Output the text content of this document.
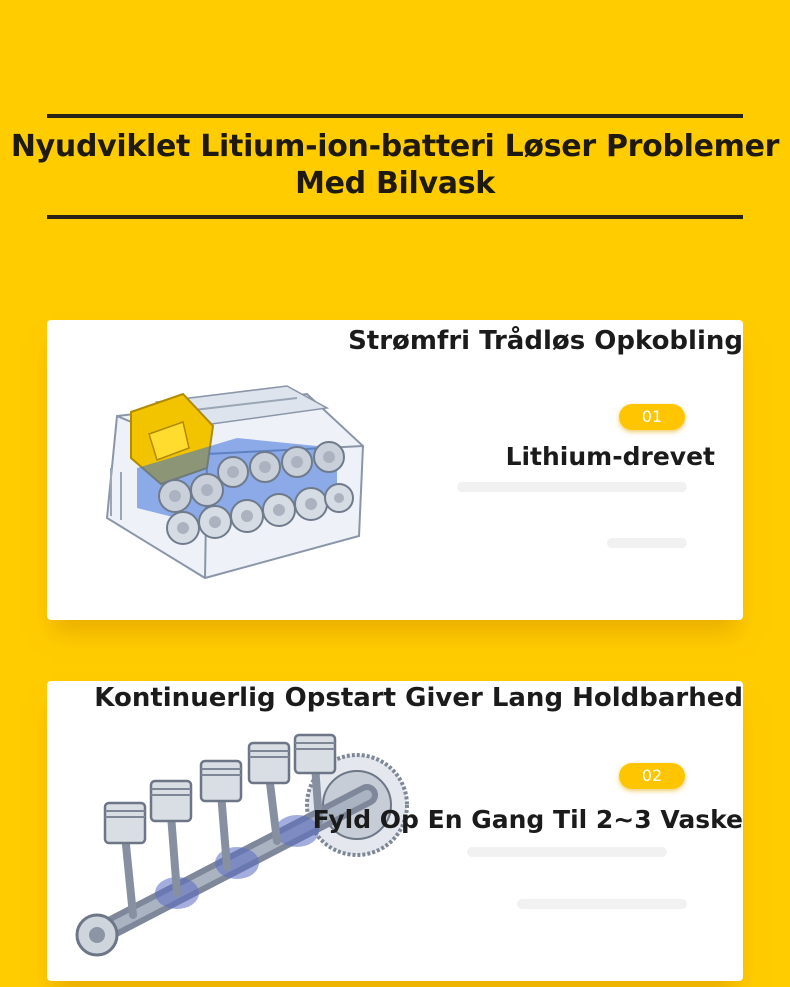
Nyudviklet Litium-ion-batteri Løser Problemer
Med Bilvask
Strømfri Trådløs Opkobling
01
Lithium-drevet
Kontinuerlig Opstart Giver Lang Holdbarhed
02
Fyld Op En Gang Til 2~3 Vaske
